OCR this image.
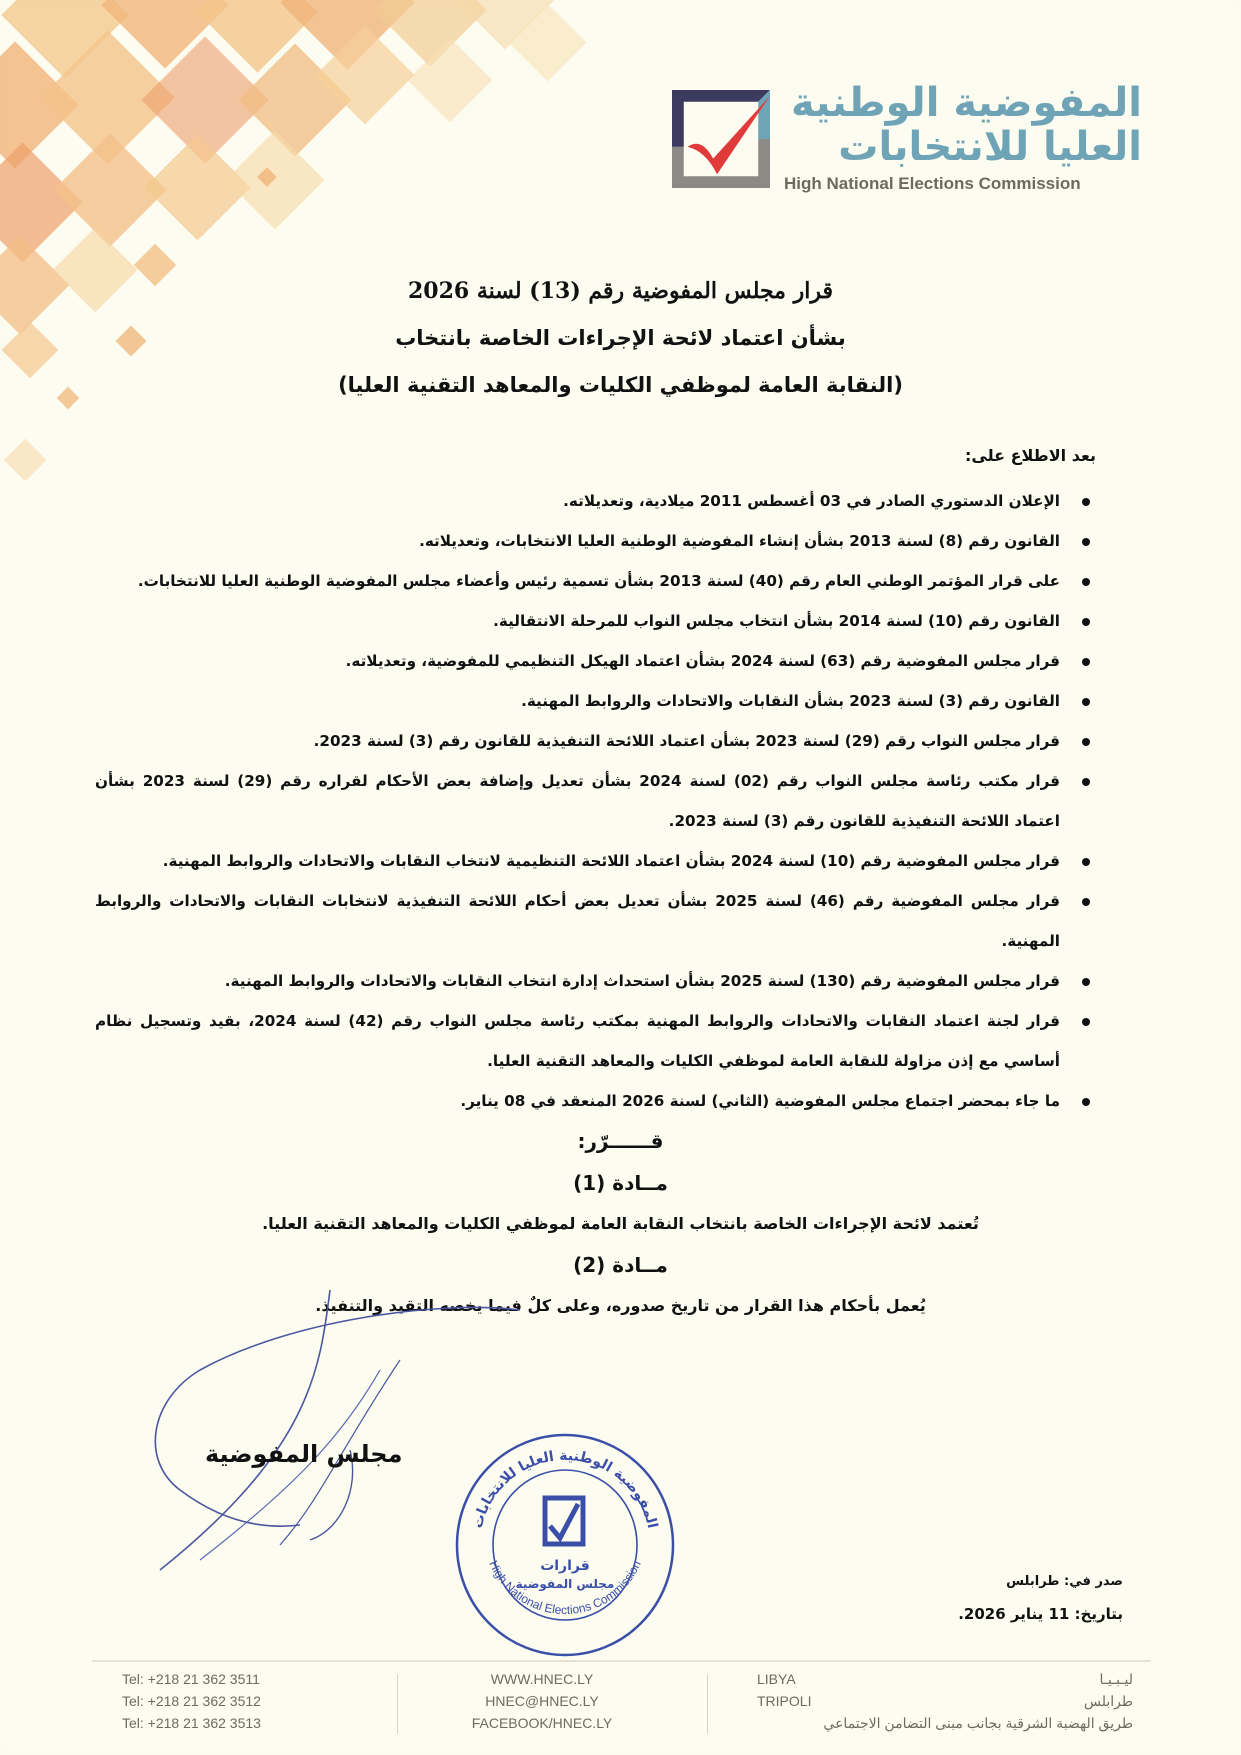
المفوضية الوطنية
العليا للانتخابات
High National Elections Commission
قرار مجلس المفوضية رقم (13) لسنة 2026
بشأن اعتماد لائحة الإجراءات الخاصة بانتخاب
(النقابة العامة لموظفي الكليات والمعاهد التقنية العليا)
بعد الاطلاع على:
الإعلان الدستوري الصادر في 03 أغسطس 2011 ميلادية، وتعديلاته.
القانون رقم (8) لسنة 2013 بشأن إنشاء المفوضية الوطنية العليا الانتخابات، وتعديلاته.
على قرار المؤتمر الوطني العام رقم (40) لسنة 2013 بشأن تسمية رئيس وأعضاء مجلس المفوضية الوطنية العليا للانتخابات.
القانون رقم (10) لسنة 2014 بشأن انتخاب مجلس النواب للمرحلة الانتقالية.
قرار مجلس المفوضية رقم (63) لسنة 2024 بشأن اعتماد الهيكل التنظيمي للمفوضية، وتعديلاته.
القانون رقم (3) لسنة 2023 بشأن النقابات والاتحادات والروابط المهنية.
قرار مجلس النواب رقم (29) لسنة 2023 بشأن اعتماد اللائحة التنفيذية للقانون رقم (3) لسنة 2023.
قرار مكتب رئاسة مجلس النواب رقم (02) لسنة 2024 بشأن تعديل وإضافة بعض الأحكام لقراره رقم (29) لسنة 2023 بشأن اعتماد اللائحة التنفيذية للقانون رقم (3) لسنة 2023.
قرار مجلس المفوضية رقم (10) لسنة 2024 بشأن اعتماد اللائحة التنظيمية لانتخاب النقابات والاتحادات والروابط المهنية.
قرار مجلس المفوضية رقم (46) لسنة 2025 بشأن تعديل بعض أحكام اللائحة التنفيذية لانتخابات النقابات والاتحادات والروابط المهنية.
قرار مجلس المفوضية رقم (130) لسنة 2025 بشأن استحداث إدارة انتخاب النقابات والاتحادات والروابط المهنية.
قرار لجنة اعتماد النقابات والاتحادات والروابط المهنية بمكتب رئاسة مجلس النواب رقم (42) لسنة 2024، بقيد وتسجيل نظام أساسي مع إذن مزاولة للنقابة العامة لموظفي الكليات والمعاهد التقنية العليا.
ما جاء بمحضر اجتماع مجلس المفوضية (الثاني) لسنة 2026 المنعقد في 08 يناير.
قــــــرّر:
مــادة (1)
تُعتمد لائحة الإجراءات الخاصة بانتخاب النقابة العامة لموظفي الكليات والمعاهد التقنية العليا.
مــادة (2)
يُعمل بأحكام هذا القرار من تاريخ صدوره، وعلى كلٌ فيما يخصه التقيد والتنفيذ.
مجلس المفوضية
المفوضية الوطنية العليا للانتخابات
High National Elections Commission
قرارات
مجلس المفوضية	صدر في: طرابلس
بتاريخ: 11 يناير 2026.
Tel: +218 21 362 3511
Tel: +218 21 362 3512
Tel: +218 21 362 3513
WWW.HNEC.LY
HNEC@HNEC.LY
FACEBOOK/HNEC.LY
LIBYA
TRIPOLI
ليـبـيـا
طرابلس
طريق الهضبة الشرقية بجانب مبنى التضامن الاجتماعي
